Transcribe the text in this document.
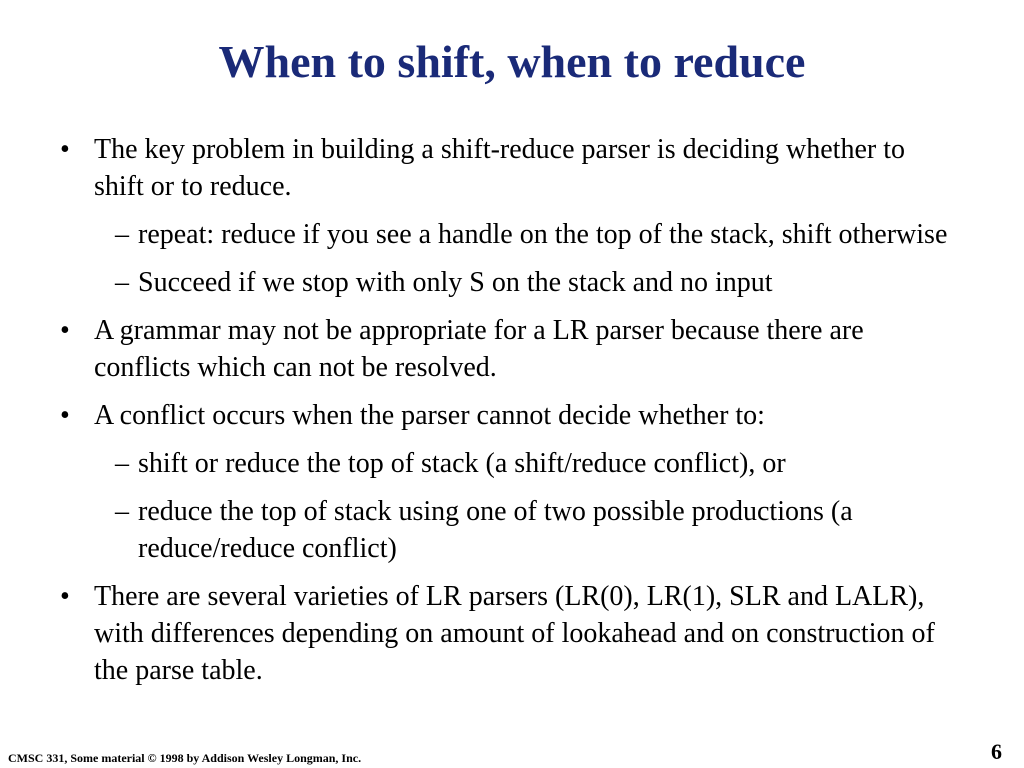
When to shift, when to reduce
• The key problem in building a shift-reduce parser is deciding whether to shift or to reduce.
– repeat: reduce if you see a handle on the top of the stack, shift otherwise
– Succeed if we stop with only S on the stack and no input
• A grammar may not be appropriate for a LR parser because there are conflicts which can not be resolved.
• A conflict occurs when the parser cannot decide whether to:
– shift or reduce the top of stack (a shift/reduce conflict), or
– reduce the top of stack using one of two possible productions (a reduce/reduce conflict)
• There are several varieties of LR parsers (LR(0), LR(1), SLR and LALR), with differences depending on amount of lookahead and on construction of the parse table.
CMSC 331, Some material © 1998 by Addison Wesley Longman, Inc.	6
